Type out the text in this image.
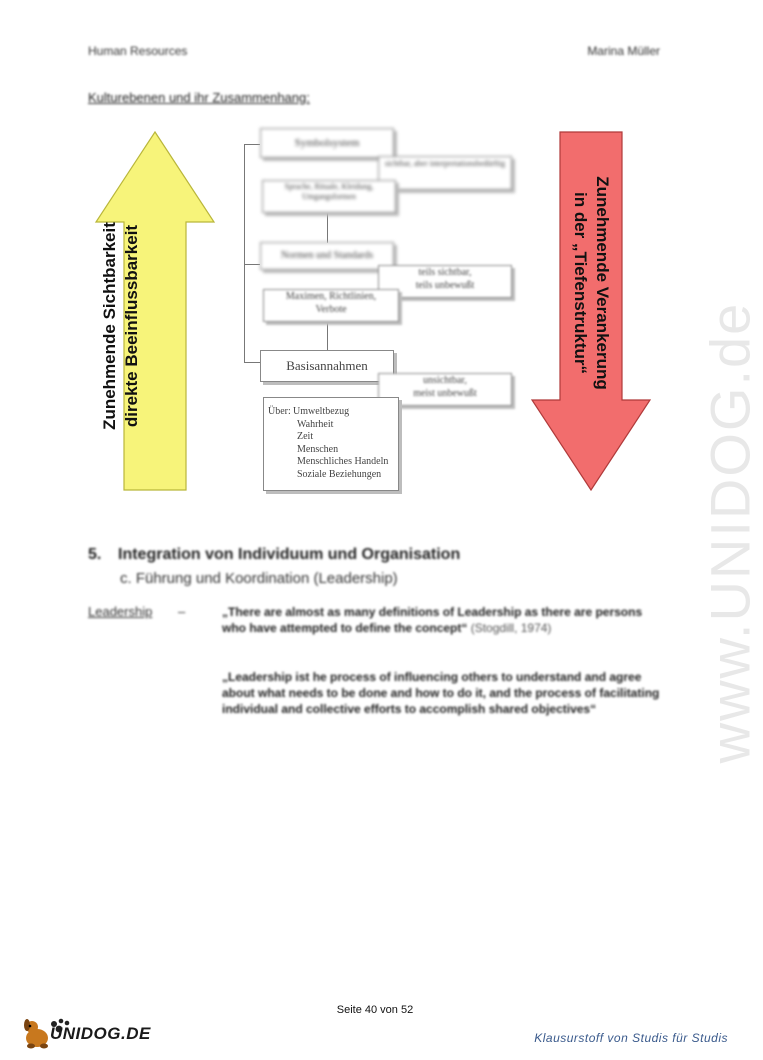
Human Resources	Marina Müller
Kulturebenen und ihr Zusammenhang:
www.UNIDOG.de
Zunehmende Sichtbarkeit direkte Beeinflussbarkeit	Zunehmende Verankerung
in der „Tiefenstruktur“
Symbolsystem
sichtbar, aber interpretationsbedürftig
Sprache, Rituale, Kleidung, Umgangsformen
Normen und Standards
teils sichtbar,
teils unbewußt
Maximen, Richtlinien,
Verbote
Basisannahmen
unsichtbar,
meist unbewußt
Über: Umweltbezug
Wahrheit
Zeit
Menschen
Menschliches Handeln
Soziale Beziehungen
5. Integration von Individuum und Organisation
c. Führung und Koordination (Leadership)
Leadership –	„There are almost as many definitions of Leadership as there are persons who have attempted to define the concept“ (Stogdill, 1974)
„Leadership ist he process of influencing others to understand and agree about what needs to be done and how to do it, and the process of facilitating individual and collective efforts to accomplish shared objectives“
Seite 40 von 52
UNIDOG.DE	Klausurstoff von Studis für Studis
